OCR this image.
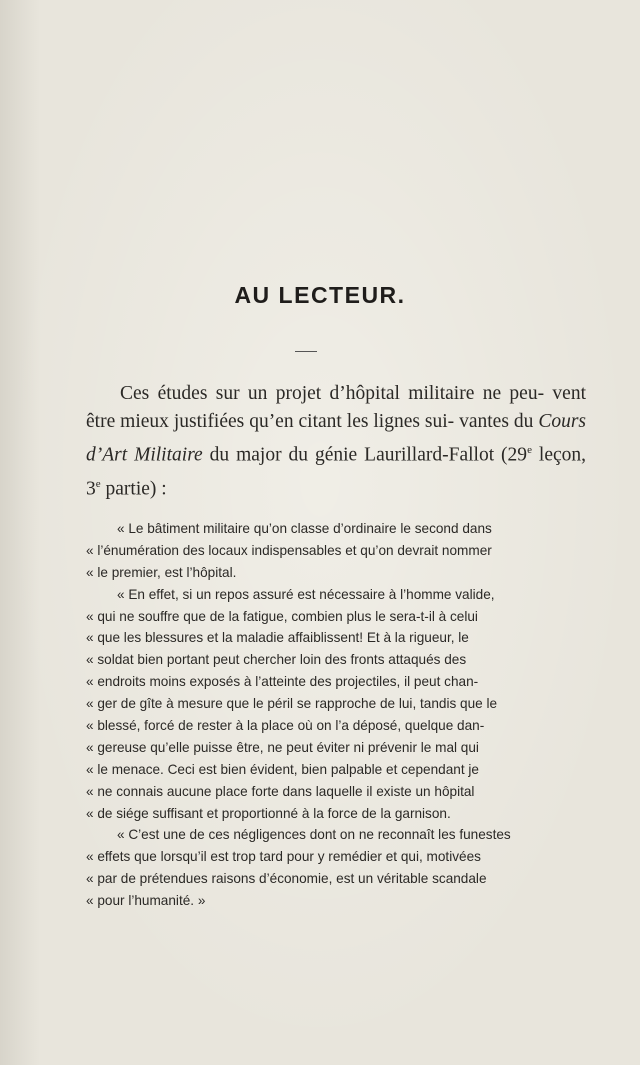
AU LECTEUR.

Ces études sur un projet d’hôpital militaire ne peu- vent être mieux justifiées qu’en citant les lignes sui- vantes du Cours d’Art Militaire du major du génie Laurillard-Fallot (29e leçon, 3e partie) :

« Le bâtiment militaire qu’on classe d’ordinaire le second dans
« l’énumération des locaux indispensables et qu’on devrait nommer
« le premier, est l’hôpital.
« En effet, si un repos assuré est nécessaire à l’homme valide,
« qui ne souffre que de la fatigue, combien plus le sera-t-il à celui
« que les blessures et la maladie affaiblissent! Et à la rigueur, le
« soldat bien portant peut chercher loin des fronts attaqués des
« endroits moins exposés à l’atteinte des projectiles, il peut chan-
« ger de gîte à mesure que le péril se rapproche de lui, tandis que le
« blessé, forcé de rester à la place où on l’a déposé, quelque dan-
« gereuse qu’elle puisse être, ne peut éviter ni prévenir le mal qui
« le menace. Ceci est bien évident, bien palpable et cependant je
« ne connais aucune place forte dans laquelle il existe un hôpital
« de siége suffisant et proportionné à la force de la garnison.
« C’est une de ces négligences dont on ne reconnaît les funestes
« effets que lorsqu’il est trop tard pour y remédier et qui, motivées
« par de prétendues raisons d’économie, est un véritable scandale
« pour l’humanité. »
